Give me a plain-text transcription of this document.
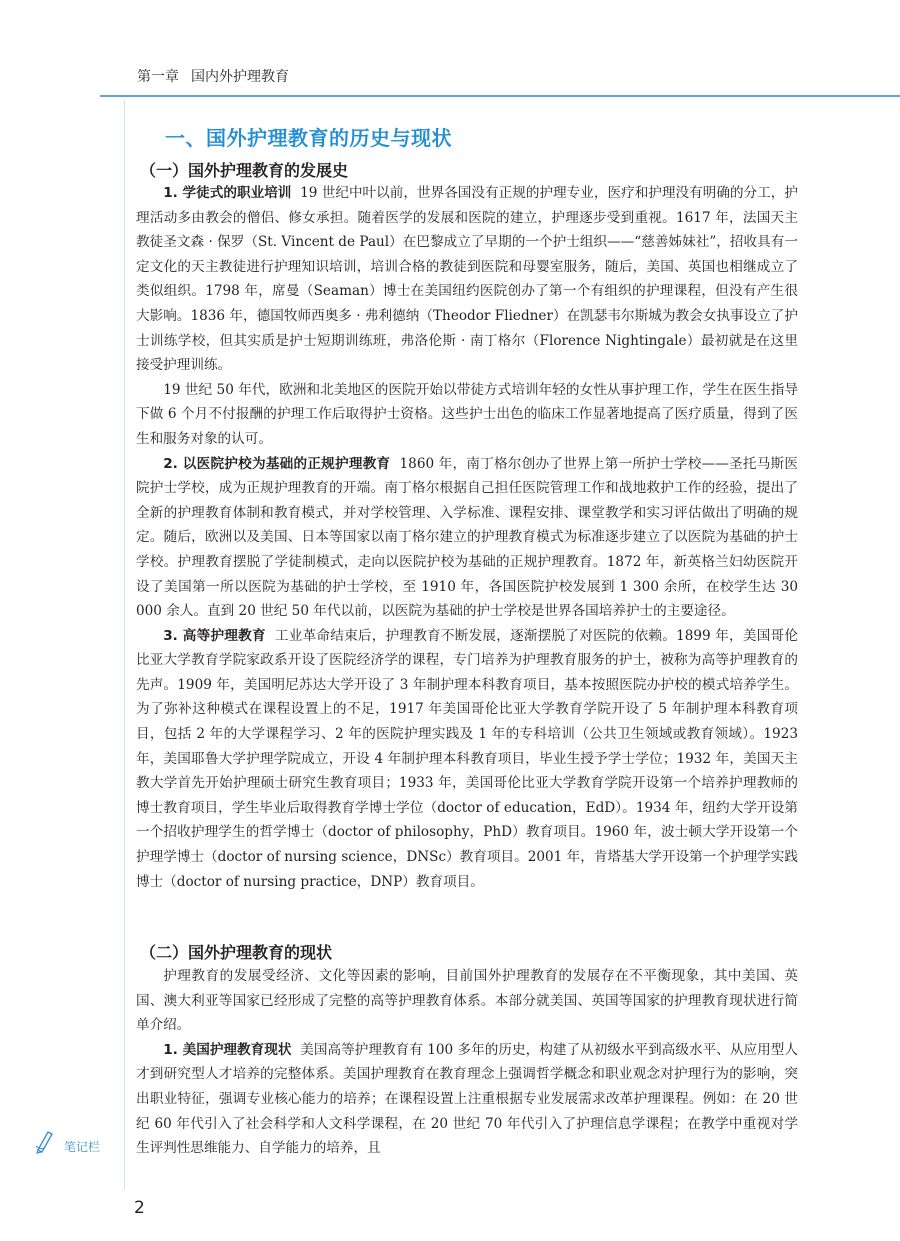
第一章 国内外护理教育
一、国外护理教育的历史与现状
（一）国外护理教育的发展史

1. 学徒式的职业培训 19 世纪中叶以前，世界各国没有正规的护理专业，医疗和护理没有明确的分工，护理活动多由教会的僧侣、修女承担。随着医学的发展和医院的建立，护理逐步受到重视。1617 年，法国天主教徒圣文森 · 保罗（St. Vincent de Paul）在巴黎成立了早期的一个护士组织——“慈善姊妹社”，招收具有一定文化的天主教徒进行护理知识培训，培训合格的教徒到医院和母婴室服务，随后，美国、英国也相继成立了类似组织。1798 年，席曼（Seaman）博士在美国纽约医院创办了第一个有组织的护理课程，但没有产生很大影响。1836 年，德国牧师西奥多 · 弗利德纳（Theodor Fliedner）在凯瑟韦尔斯城为教会女执事设立了护士训练学校，但其实质是护士短期训练班，弗洛伦斯 · 南丁格尔（Florence Nightingale）最初就是在这里接受护理训练。

19 世纪 50 年代，欧洲和北美地区的医院开始以带徒方式培训年轻的女性从事护理工作，学生在医生指导下做 6 个月不付报酬的护理工作后取得护士资格。这些护士出色的临床工作显著地提高了医疗质量，得到了医生和服务对象的认可。

2. 以医院护校为基础的正规护理教育 1860 年，南丁格尔创办了世界上第一所护士学校——圣托马斯医院护士学校，成为正规护理教育的开端。南丁格尔根据自己担任医院管理工作和战地救护工作的经验，提出了全新的护理教育体制和教育模式，并对学校管理、入学标准、课程安排、课堂教学和实习评估做出了明确的规定。随后，欧洲以及美国、日本等国家以南丁格尔建立的护理教育模式为标准逐步建立了以医院为基础的护士学校。护理教育摆脱了学徒制模式，走向以医院护校为基础的正规护理教育。1872 年，新英格兰妇幼医院开设了美国第一所以医院为基础的护士学校，至 1910 年，各国医院护校发展到 1 300 余所，在校学生达 30 000 余人。直到 20 世纪 50 年代以前，以医院为基础的护士学校是世界各国培养护士的主要途径。

3. 高等护理教育 工业革命结束后，护理教育不断发展，逐渐摆脱了对医院的依赖。1899 年，美国哥伦比亚大学教育学院家政系开设了医院经济学的课程，专门培养为护理教育服务的护士，被称为高等护理教育的先声。1909 年，美国明尼苏达大学开设了 3 年制护理本科教育项目，基本按照医院办护校的模式培养学生。为了弥补这种模式在课程设置上的不足，1917 年美国哥伦比亚大学教育学院开设了 5 年制护理本科教育项目，包括 2 年的大学课程学习、2 年的医院护理实践及 1 年的专科培训（公共卫生领域或教育领域）。1923 年，美国耶鲁大学护理学院成立，开设 4 年制护理本科教育项目，毕业生授予学士学位；1932 年，美国天主教大学首先开始护理硕士研究生教育项目；1933 年，美国哥伦比亚大学教育学院开设第一个培养护理教师的博士教育项目，学生毕业后取得教育学博士学位（doctor of education，EdD）。1934 年，纽约大学开设第一个招收护理学生的哲学博士（doctor of philosophy，PhD）教育项目。1960 年，波士顿大学开设第一个护理学博士（doctor of nursing science，DNSc）教育项目。2001 年，肯塔基大学开设第一个护理学实践博士（doctor of nursing practice，DNP）教育项目。

（二）国外护理教育的现状

护理教育的发展受经济、文化等因素的影响，目前国外护理教育的发展存在不平衡现象，其中美国、英国、澳大利亚等国家已经形成了完整的高等护理教育体系。本部分就美国、英国等国家的护理教育现状进行简单介绍。

1. 美国护理教育现状 美国高等护理教育有 100 多年的历史，构建了从初级水平到高级水平、从应用型人才到研究型人才培养的完整体系。美国护理教育在教育理念上强调哲学概念和职业观念对护理行为的影响，突出职业特征，强调专业核心能力的培养；在课程设置上注重根据专业发展需求改革护理课程。例如：在 20 世纪 60 年代引入了社会科学和人文科学课程，在 20 世纪 70 年代引入了护理信息学课程；在教学中重视对学生评判性思维能力、自学能力的培养，且

笔记栏
2
